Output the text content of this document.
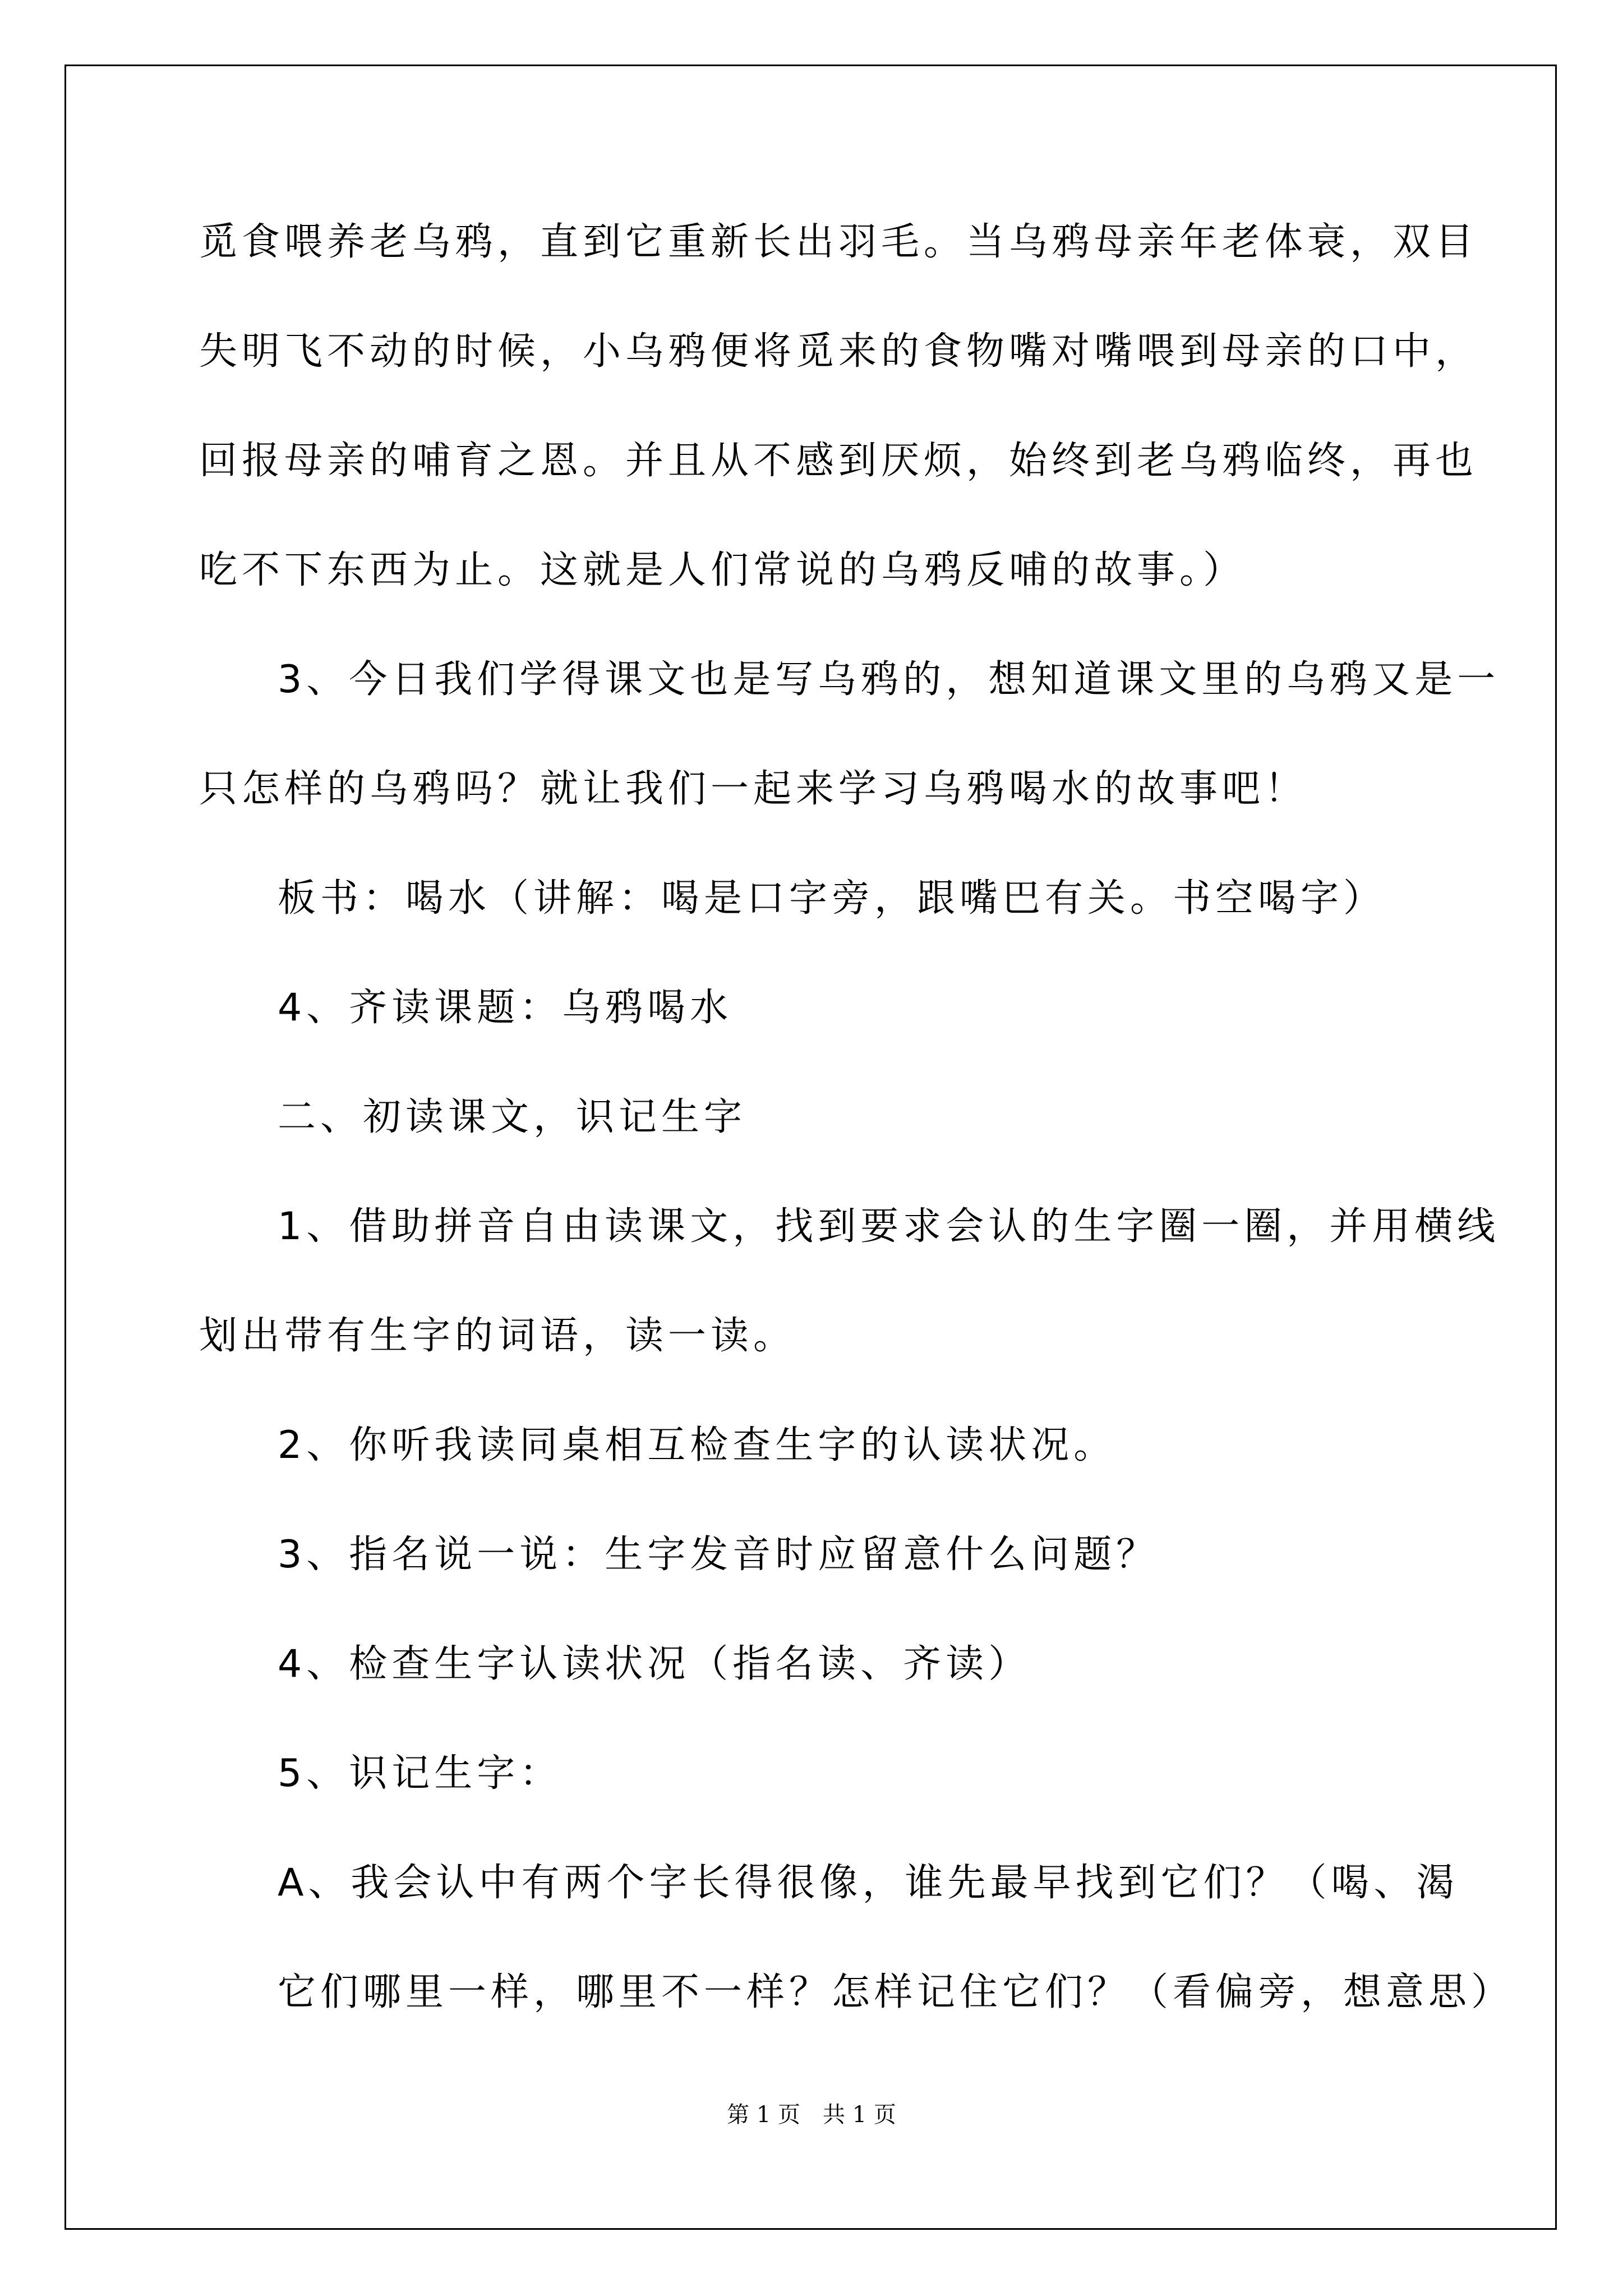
觅食喂养老乌鸦，直到它重新长出羽毛。当乌鸦母亲年老体衰，双目
失明飞不动的时候，小乌鸦便将觅来的食物嘴对嘴喂到母亲的口中，
回报母亲的哺育之恩。并且从不感到厌烦，始终到老乌鸦临终，再也
吃不下东西为止。这就是人们常说的乌鸦反哺的故事。）
3、今日我们学得课文也是写乌鸦的，想知道课文里的乌鸦又是一
只怎样的乌鸦吗？就让我们一起来学习乌鸦喝水的故事吧！
板书：喝水（讲解：喝是口字旁，跟嘴巴有关。书空喝字）
4、齐读课题：乌鸦喝水
二、初读课文，识记生字
1、借助拼音自由读课文，找到要求会认的生字圈一圈，并用横线
划出带有生字的词语，读一读。
2、你听我读同桌相互检查生字的认读状况。
3、指名说一说：生字发音时应留意什么问题？
4、检查生字认读状况（指名读、齐读）
5、识记生字：
A、我会认中有两个字长得很像，谁先最早找到它们？（喝、渴
它们哪里一样，哪里不一样？怎样记住它们？（看偏旁，想意思）
第 1 页　共 1 页
